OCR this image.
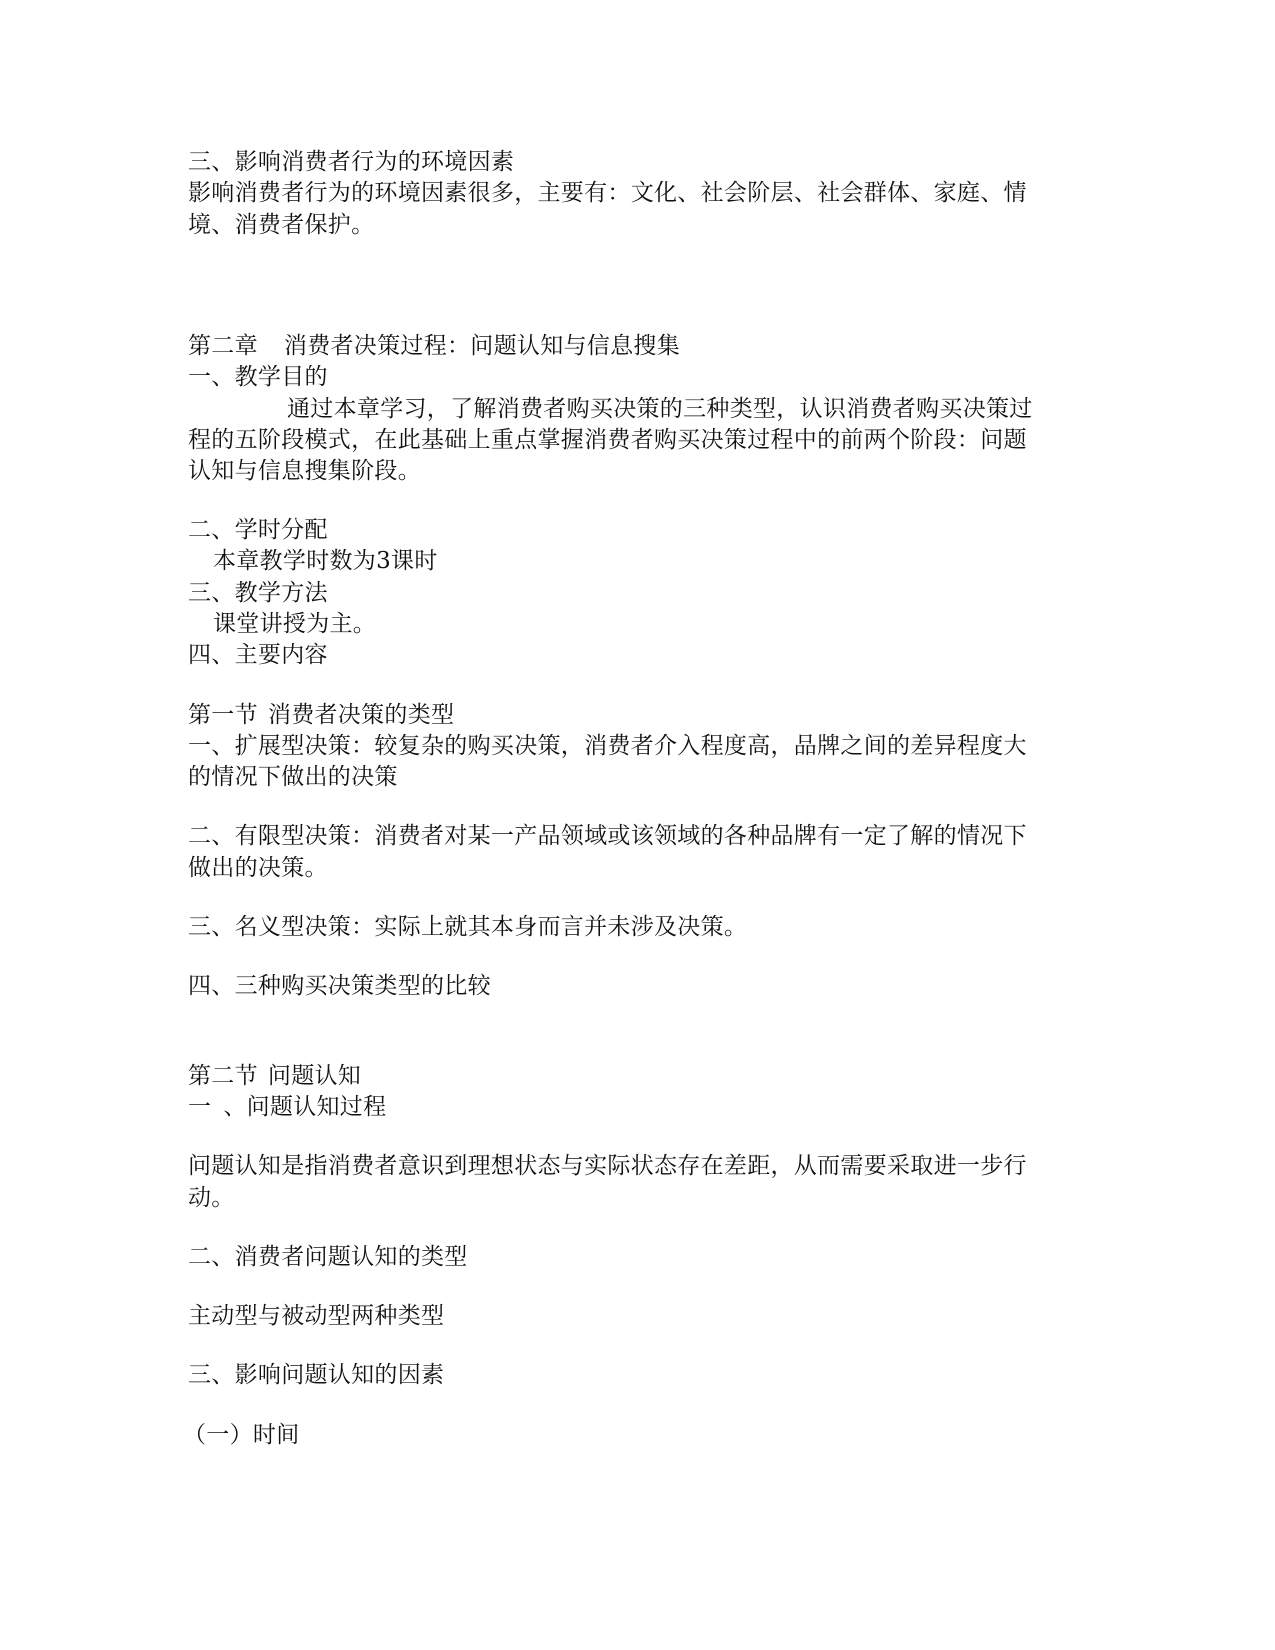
三、影响消费者行为的环境因素
影响消费者行为的环境因素很多，主要有：文化、社会阶层、社会群体、家庭、情
境、消费者保护。
第二章 消费者决策过程：问题认知与信息搜集
一、教学目的
通过本章学习，了解消费者购买决策的三种类型，认识消费者购买决策过
程的五阶段模式，在此基础上重点掌握消费者购买决策过程中的前两个阶段：问题
认知与信息搜集阶段。
二、学时分配
本章教学时数为3课时
三、教学方法
课堂讲授为主。
四、主要内容
第一节 消费者决策的类型
一、扩展型决策：较复杂的购买决策，消费者介入程度高，品牌之间的差异程度大
的情况下做出的决策
二、有限型决策：消费者对某一产品领域或该领域的各种品牌有一定了解的情况下
做出的决策。
三、名义型决策：实际上就其本身而言并未涉及决策。
四、三种购买决策类型的比较
第二节 问题认知
一 、问题认知过程
问题认知是指消费者意识到理想状态与实际状态存在差距，从而需要采取进一步行
动。
二、消费者问题认知的类型
主动型与被动型两种类型
三、影响问题认知的因素
（一）时间
